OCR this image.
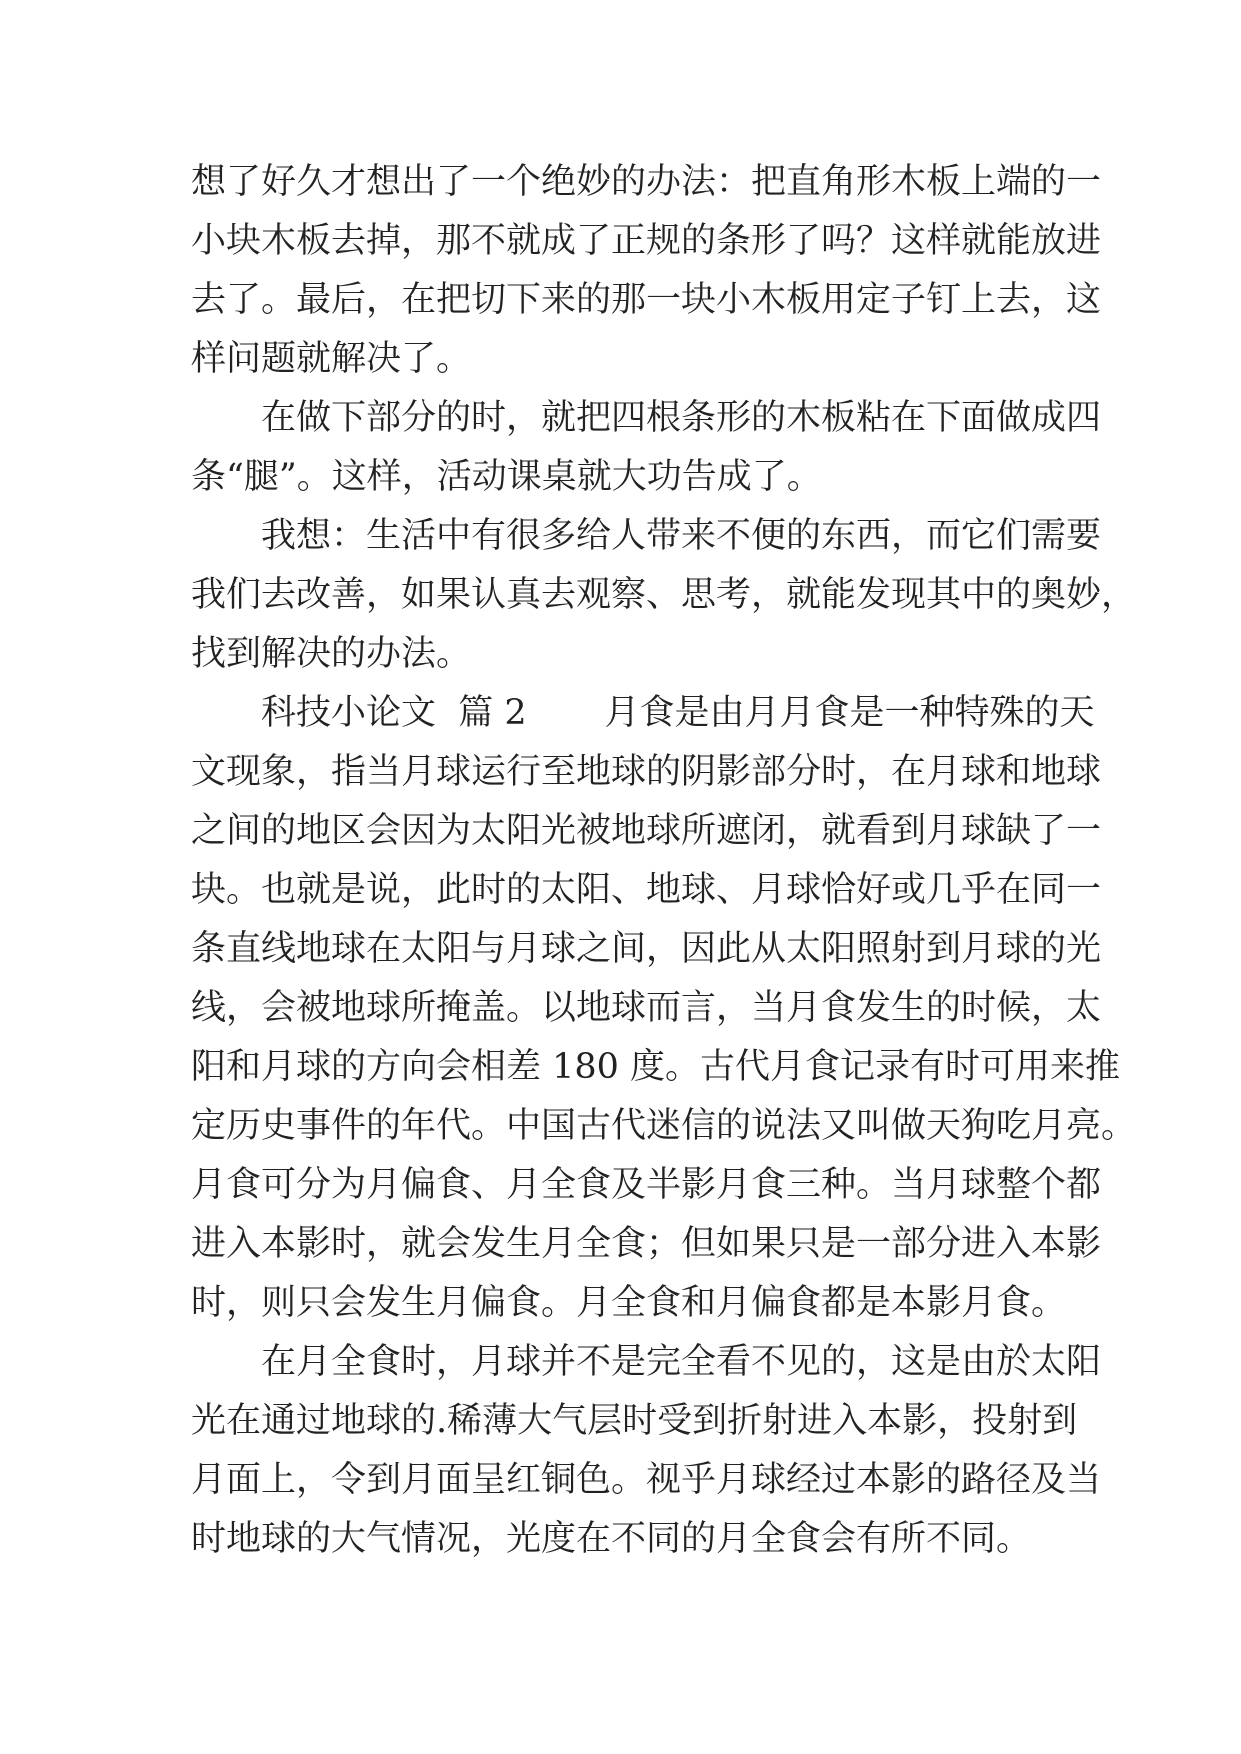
想了好久才想出了一个绝妙的办法：把直角形木板上端的一
小块木板去掉，那不就成了正规的条形了吗？这样就能放进
去了。最后，在把切下来的那一块小木板用定子钉上去，这
样问题就解决了。
在做下部分的时，就把四根条形的木板粘在下面做成四
条“腿”。这样，活动课桌就大功告成了。
我想：生活中有很多给人带来不便的东西，而它们需要
我们去改善，如果认真去观察、思考，就能发现其中的奥妙，
找到解决的办法。
科技小论文  篇 2       月食是由月月食是一种特殊的天
文现象，指当月球运行至地球的阴影部分时，在月球和地球
之间的地区会因为太阳光被地球所遮闭，就看到月球缺了一
块。也就是说，此时的太阳、地球、月球恰好或几乎在同一
条直线地球在太阳与月球之间，因此从太阳照射到月球的光
线，会被地球所掩盖。以地球而言，当月食发生的时候，太
阳和月球的方向会相差 180 度。古代月食记录有时可用来推
定历史事件的年代。中国古代迷信的说法又叫做天狗吃月亮。
月食可分为月偏食、月全食及半影月食三种。当月球整个都
进入本影时，就会发生月全食；但如果只是一部分进入本影
时，则只会发生月偏食。月全食和月偏食都是本影月食。
在月全食时，月球并不是完全看不见的，这是由於太阳
光在通过地球的.稀薄大气层时受到折射进入本影，投射到
月面上，令到月面呈红铜色。视乎月球经过本影的路径及当
时地球的大气情况，光度在不同的月全食会有所不同。
